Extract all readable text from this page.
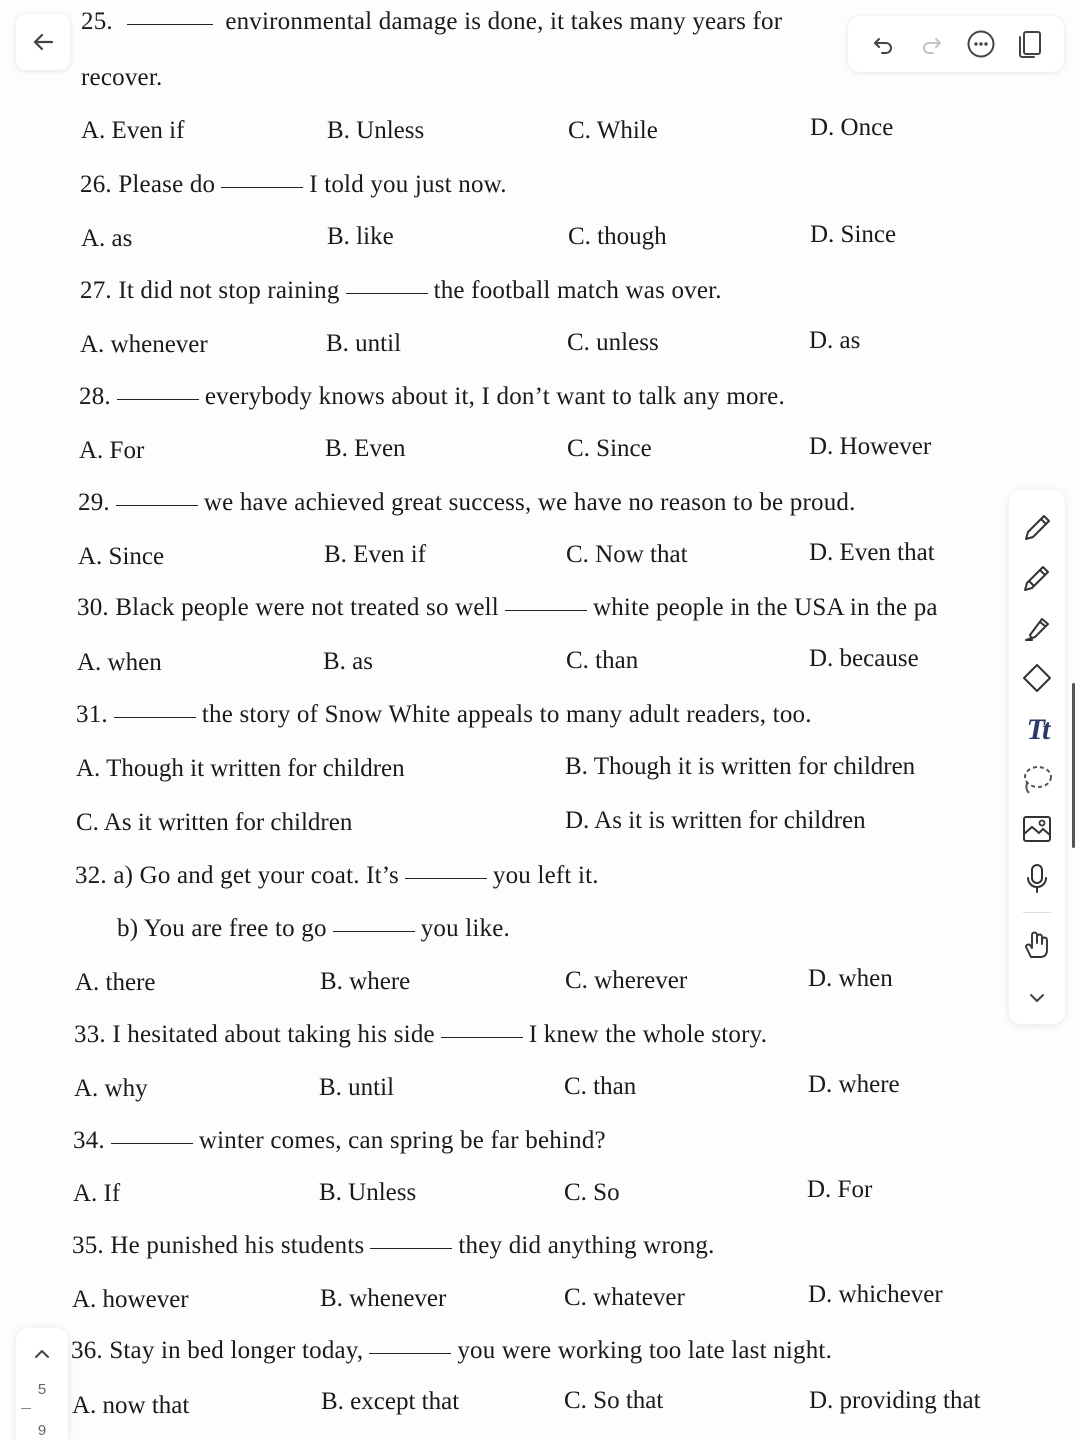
25.	environmental damage is done, it takes many years for
recover.
A. Even if	B. Unless	C. While	D. Once
26. Please do	I told you just now.
A. as	B. like	C. though	D. Since
27. It did not stop raining	the football match was over.
A. whenever	B. until	C. unless	D. as
28.	everybody knows about it, I don’t want to talk any more.
A. For	B. Even	C. Since	D. However
29.	we have achieved great success, we have no reason to be proud.
A. Since	B. Even if	C. Now that	D. Even that
30. Black people were not treated so well	white people in the USA in the pa
A. when	B. as	C. than	D. because
31.	the story of Snow White appeals to many adult readers, too.
A. Though it written for children	B. Though it is written for children
C. As it written for children	D. As it is written for children
32. a) Go and get your coat. It’s	you left it.
b) You are free to go	you like.
A. there	B. where	C. wherever	D. when
33. I hesitated about taking his side	I knew the whole story.
A. why	B. until	C. than	D. where
34.	winter comes, can spring be far behind?
A. If	B. Unless	C. So	D. For
35. He punished his students	they did anything wrong.
A. however	B. whenever	C. whatever	D. whichever
36. Stay in bed longer today,	you were working too late last night.
A. now that	B. except that	C. So that	D. providing that
Tt
5
9
